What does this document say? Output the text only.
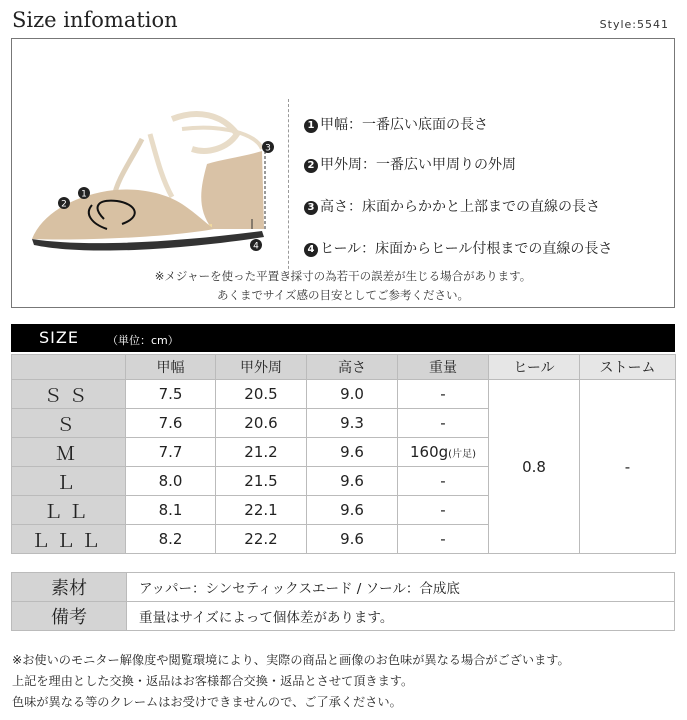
Size infomation	Style:5541
1
2
3
4
1 甲幅：一番広い底面の長さ
2 甲外周：一番広い甲周りの外周
3 高さ：床面からかかと上部までの直線の長さ
4 ヒール：床面からヒール付根までの直線の長さ
※メジャーを使った平置き採寸の為若干の誤差が生じる場合があります。
あくまでサイズ感の目安としてご参考ください。
SIZE	（単位：cm）
	甲幅	甲外周	高さ	重量	ヒール	ストーム
ＳＳ	7.5	20.5	9.0	-	0.8	-
Ｓ	7.6	20.6	9.3	-		
Ｍ	7.7	21.2	9.6	160g(片足)		
Ｌ	8.0	21.5	9.6	-		
ＬＬ	8.1	22.1	9.6	-		
ＬＬＬ	8.2	22.2	9.6	-		
素材	アッパー：シンセティックスエード / ソール：合成底
備考	重量はサイズによって個体差があります。
※お使いのモニター解像度や閲覧環境により、実際の商品と画像のお色味が異なる場合がございます。
上記を理由とした交換・返品はお客様都合交換・返品とさせて頂きます。
色味が異なる等のクレームはお受けできませんので、ご了承ください。
